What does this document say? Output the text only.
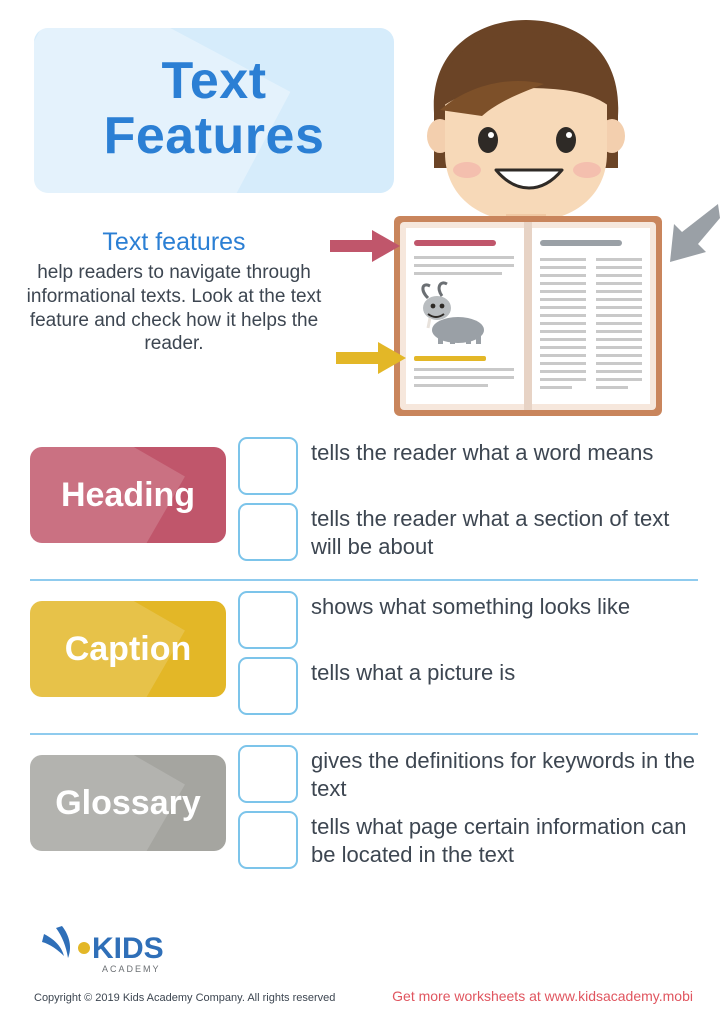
Text
Features
Text features
help readers to navigate through informational texts. Look at the text feature and check how it helps the reader.
Heading
tells the reader what a word means
tells the reader what a section of text will be about
Caption
shows what something looks like
tells what a picture is
Glossary
gives the definitions for keywords in the text
tells what page certain information can be located in the text
KIDS
ACADEMY
Copyright © 2019 Kids Academy Company. All rights reserved	Get more worksheets at www.kidsacademy.mobi
